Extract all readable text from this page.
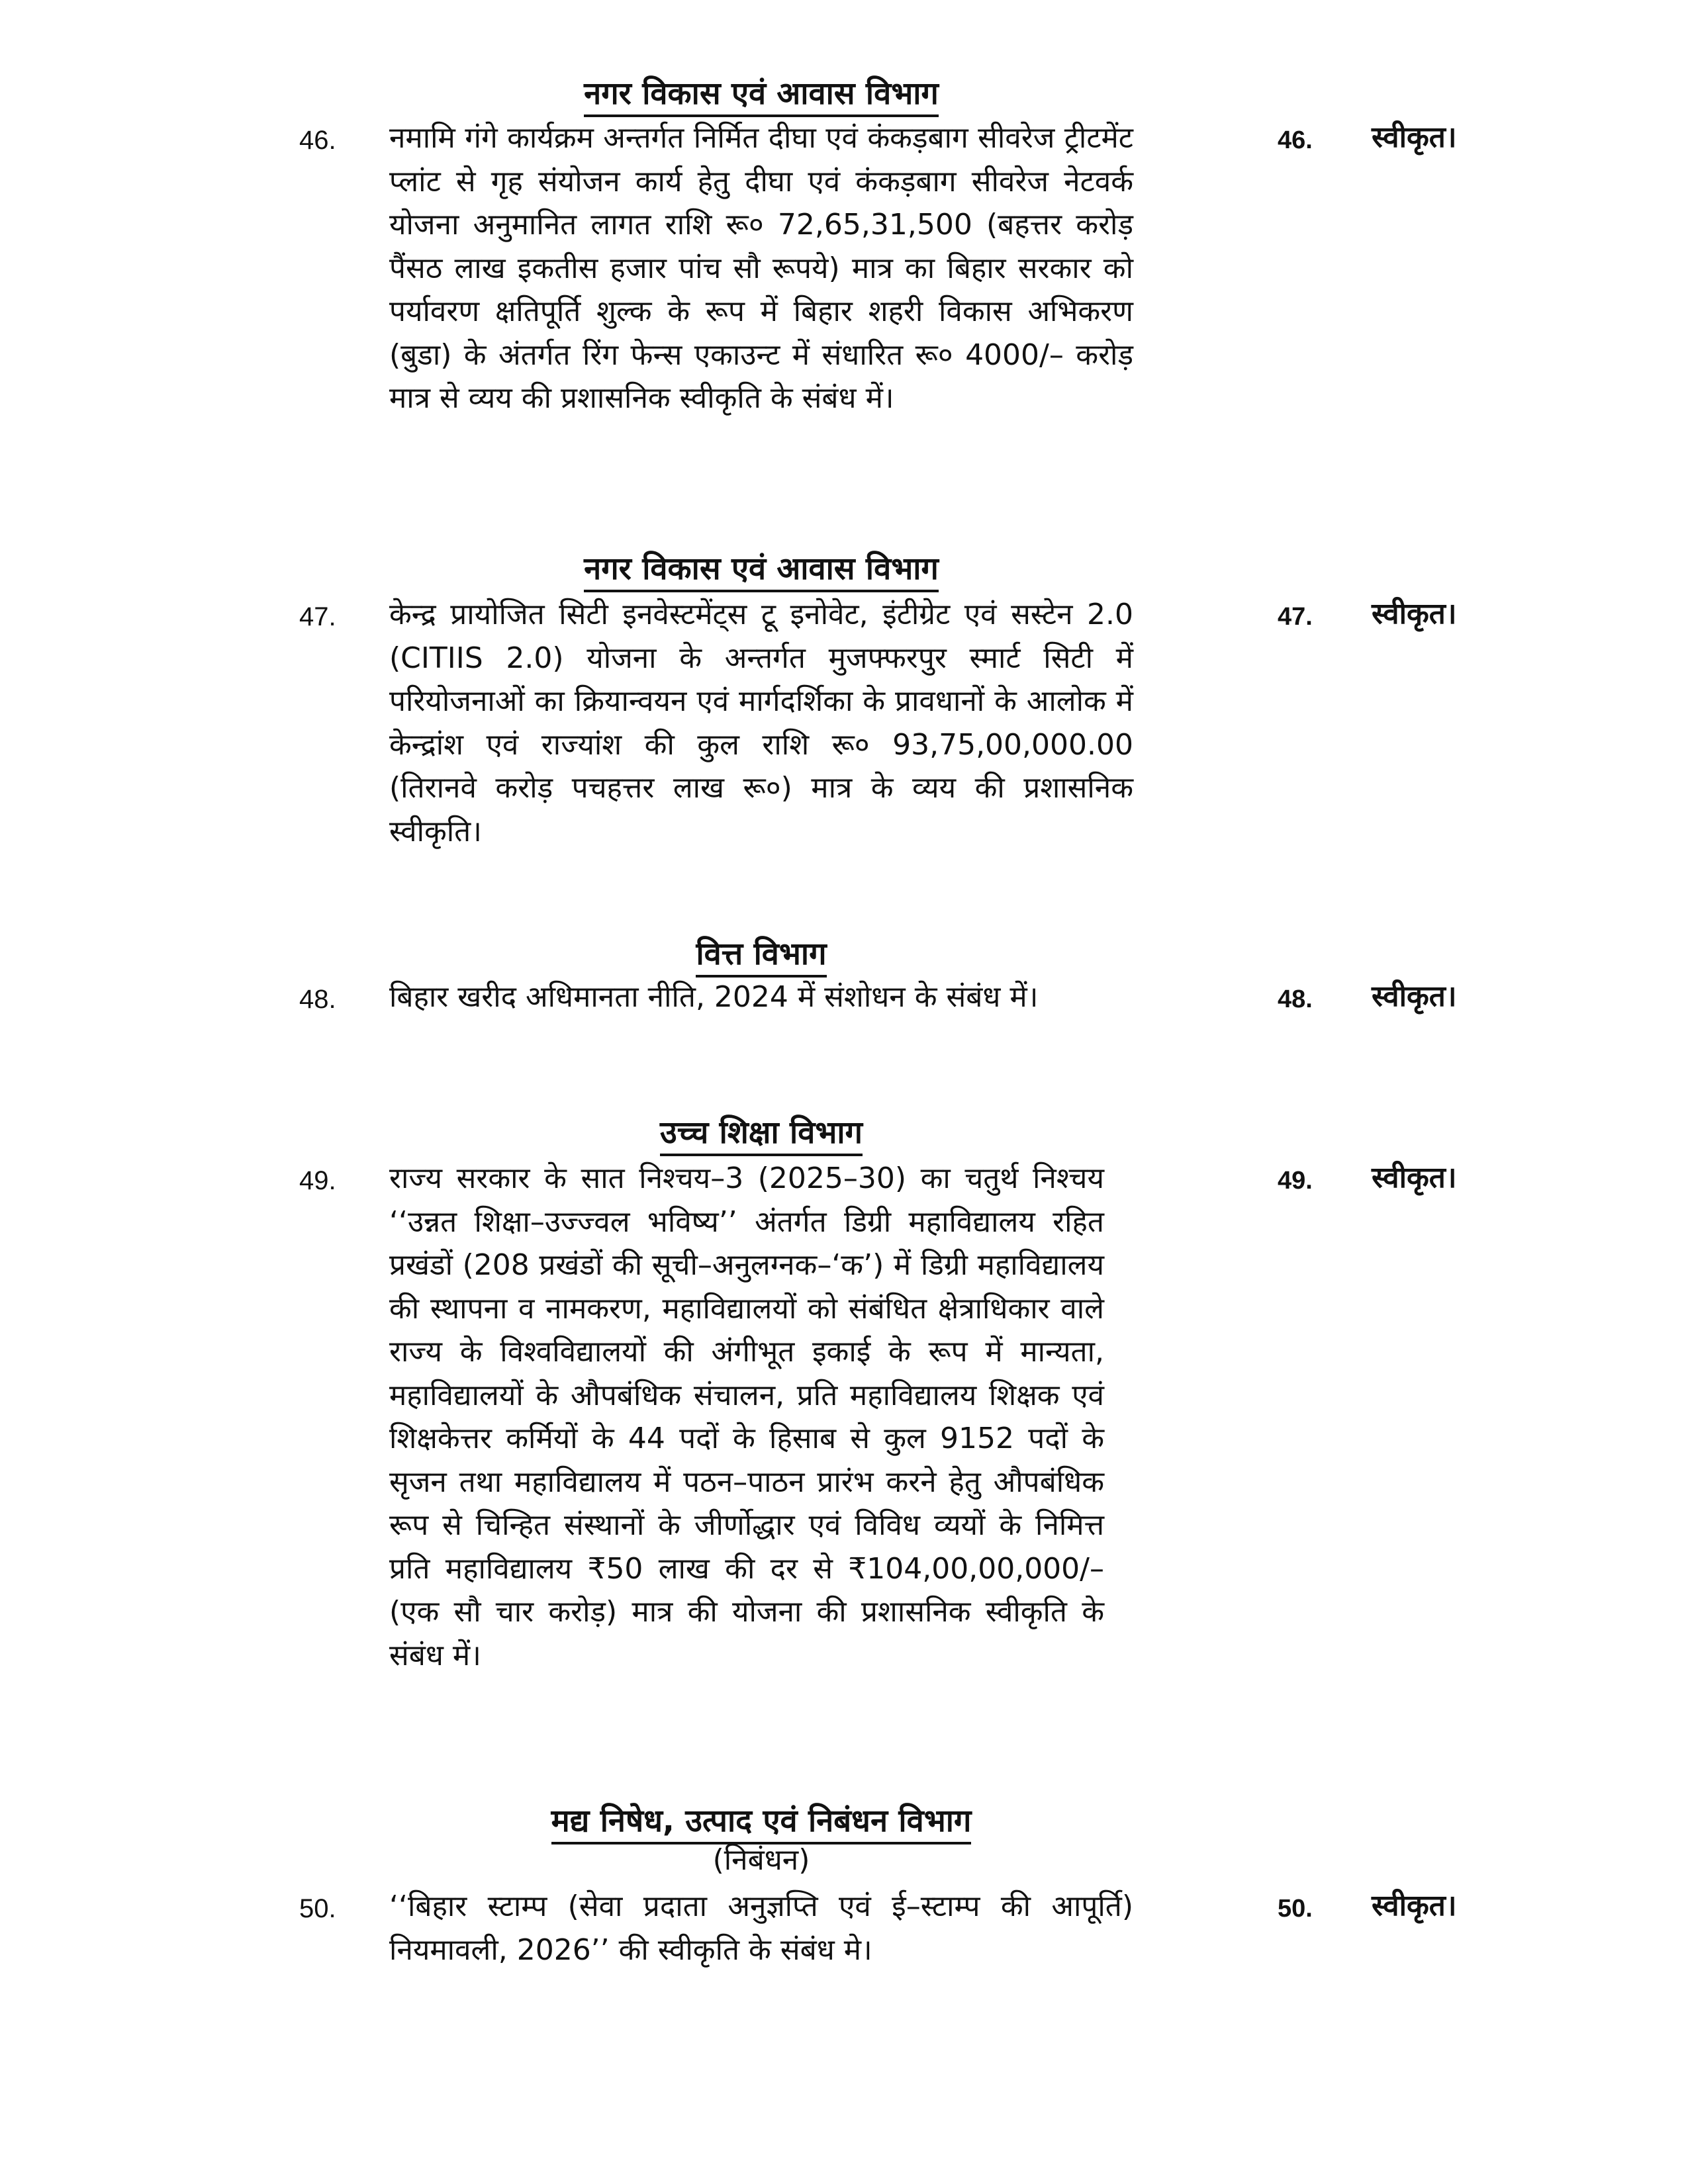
नगर विकास एवं आवास विभाग
46. नमामि गंगे कार्यक्रम अन्तर्गत निर्मित दीघा एवं कंकड़बाग सीवरेज ट्रीटमेंट प्लांट से गृह संयोजन कार्य हेतु दीघा एवं कंकड़बाग सीवरेज नेटवर्क योजना अनुमानित लागत राशि रू० 72,65,31,500 (बहत्तर करोड़ पैंसठ लाख इकतीस हजार पांच सौ रूपये) मात्र का बिहार सरकार को पर्यावरण क्षतिपूर्ति शुल्क के रूप में बिहार शहरी विकास अभिकरण (बुडा) के अंतर्गत रिंग फेन्स एकाउन्ट में संधारित रू० 4000/– करोड़ मात्र से व्यय की प्रशासनिक स्वीकृति के संबंध में।
46. स्वीकृत।
नगर विकास एवं आवास विभाग
47. केन्द्र प्रायोजित सिटी इनवेस्टमेंट्स टू इनोवेट, इंटीग्रेट एवं सस्टेन 2.0 (CITIIS 2.0) योजना के अन्तर्गत मुजफ्फरपुर स्मार्ट सिटी में परियोजनाओं का क्रियान्वयन एवं मार्गदर्शिका के प्रावधानों के आलोक में केन्द्रांश एवं राज्यांश की कुल राशि रू० 93,75,00,000.00 (तिरानवे करोड़ पचहत्तर लाख रू०) मात्र के व्यय की प्रशासनिक स्वीकृति।
47. स्वीकृत।
वित्त विभाग
48. बिहार खरीद अधिमानता नीति, 2024 में संशोधन के संबंध में।	48. स्वीकृत।
उच्च शिक्षा विभाग
49. राज्य सरकार के सात निश्चय–3 (2025–30) का चतुर्थ निश्चय ‘‘उन्नत शिक्षा–उज्ज्वल भविष्य’’ अंतर्गत डिग्री महाविद्यालय रहित प्रखंडों (208 प्रखंडों की सूची–अनुलग्नक–‘क’) में डिग्री महाविद्यालय की स्थापना व नामकरण, महाविद्यालयों को संबंधित क्षेत्राधिकार वाले राज्य के विश्वविद्यालयों की अंगीभूत इकाई के रूप में मान्यता, महाविद्यालयों के औपबंधिक संचालन, प्रति महाविद्यालय शिक्षक एवं शिक्षकेत्तर कर्मियों के 44 पदों के हिसाब से कुल 9152 पदों के सृजन तथा महाविद्यालय में पठन–पाठन प्रारंभ करने हेतु औपबंधिक रूप से चिन्हित संस्थानों के जीर्णोद्धार एवं विविध व्ययों के निमित्त प्रति महाविद्यालय ₹50 लाख की दर से ₹104,00,00,000/–(एक सौ चार करोड़) मात्र की योजना की प्रशासनिक स्वीकृति के संबंध में।
49. स्वीकृत।
मद्य निषेध, उत्पाद एवं निबंधन विभाग
(निबंधन)
50. ‘‘बिहार स्टाम्प (सेवा प्रदाता अनुज्ञप्ति एवं ई–स्टाम्प की आपूर्ति) नियमावली, 2026’’ की स्वीकृति के संबंध मे।
50. स्वीकृत।
